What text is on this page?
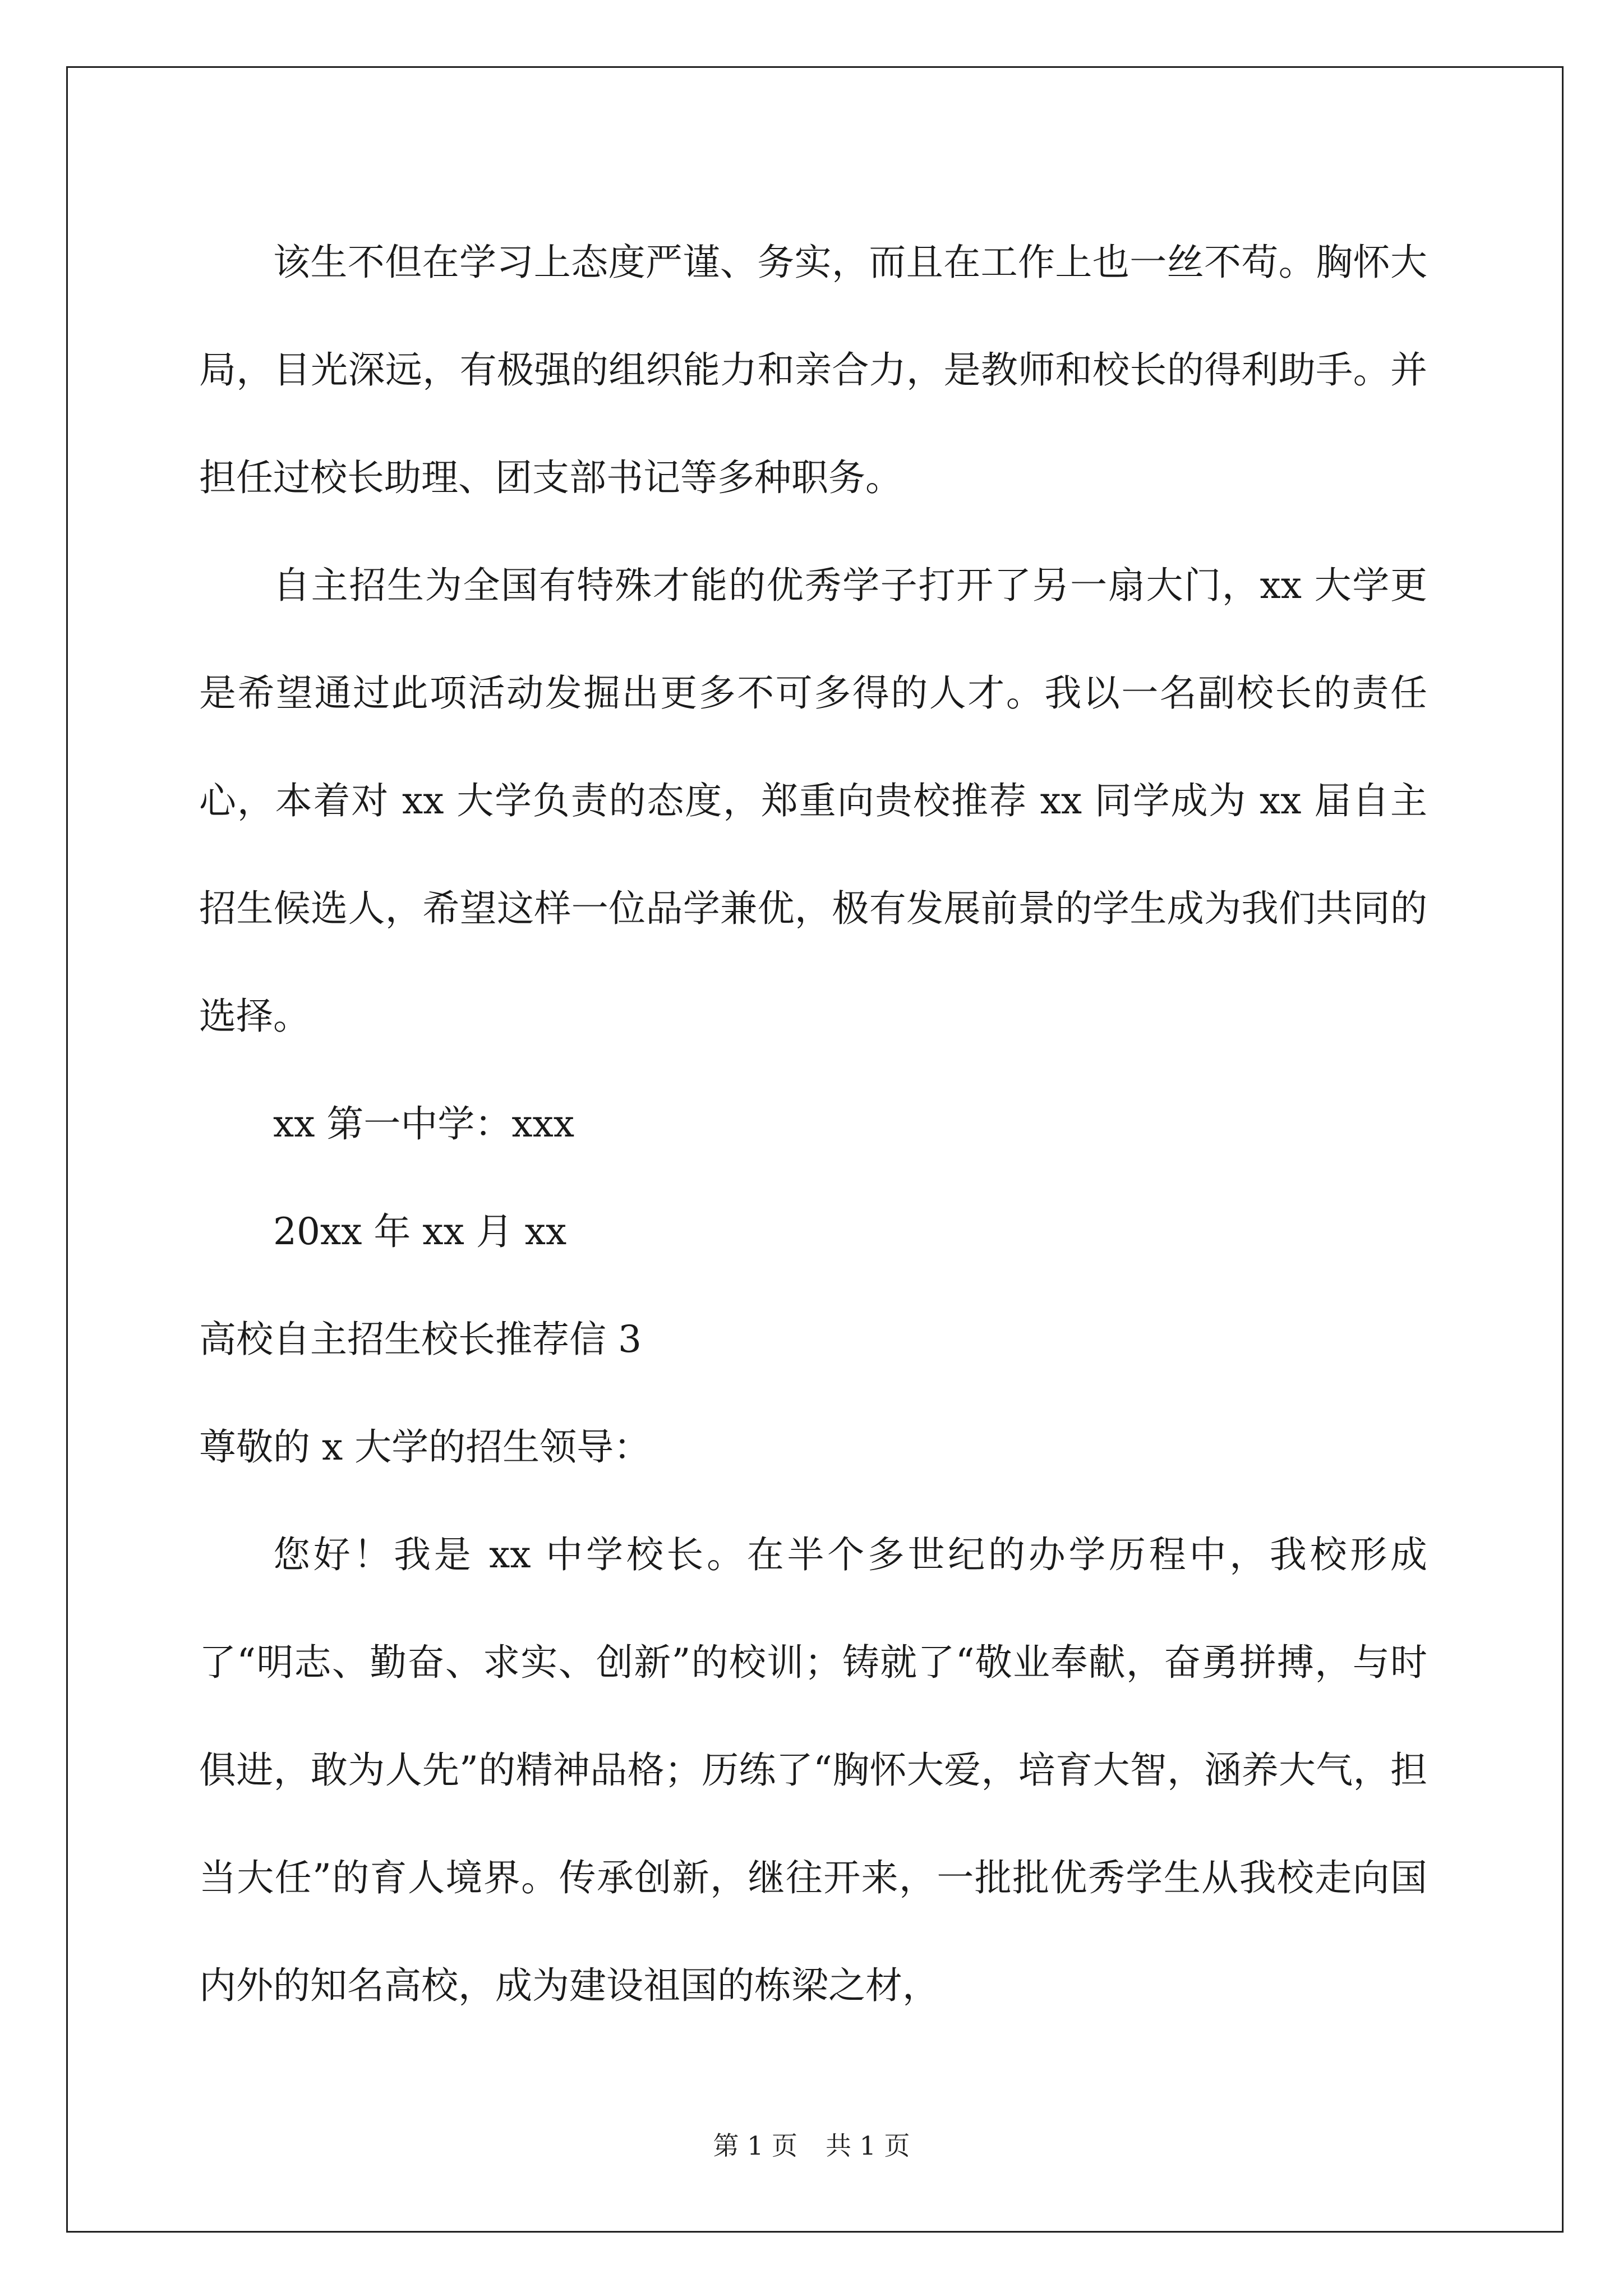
该生不但在学习上态度严谨、务实，而且在工作上也一丝不苟。胸怀大局，目光深远，有极强的组织能力和亲合力，是教师和校长的得利助手。并担任过校长助理、团支部书记等多种职务。

自主招生为全国有特殊才能的优秀学子打开了另一扇大门，xx 大学更是希望通过此项活动发掘出更多不可多得的人才。我以一名副校长的责任心，本着对 xx 大学负责的态度，郑重向贵校推荐 xx 同学成为 xx 届自主招生候选人，希望这样一位品学兼优，极有发展前景的学生成为我们共同的选择。

xx 第一中学：xxx

20xx 年 xx 月 xx

高校自主招生校长推荐信 3

尊敬的 x 大学的招生领导：

您好！我是 xx 中学校长。在半个多世纪的办学历程中，我校形成了“明志、勤奋、求实、创新”的校训；铸就了“敬业奉献，奋勇拼搏，与时俱进，敢为人先”的精神品格；历练了“胸怀大爱，培育大智，涵养大气，担当大任”的育人境界。传承创新，继往开来，一批批优秀学生从我校走向国内外的知名高校，成为建设祖国的栋梁之材，

第 1 页 共 1 页
